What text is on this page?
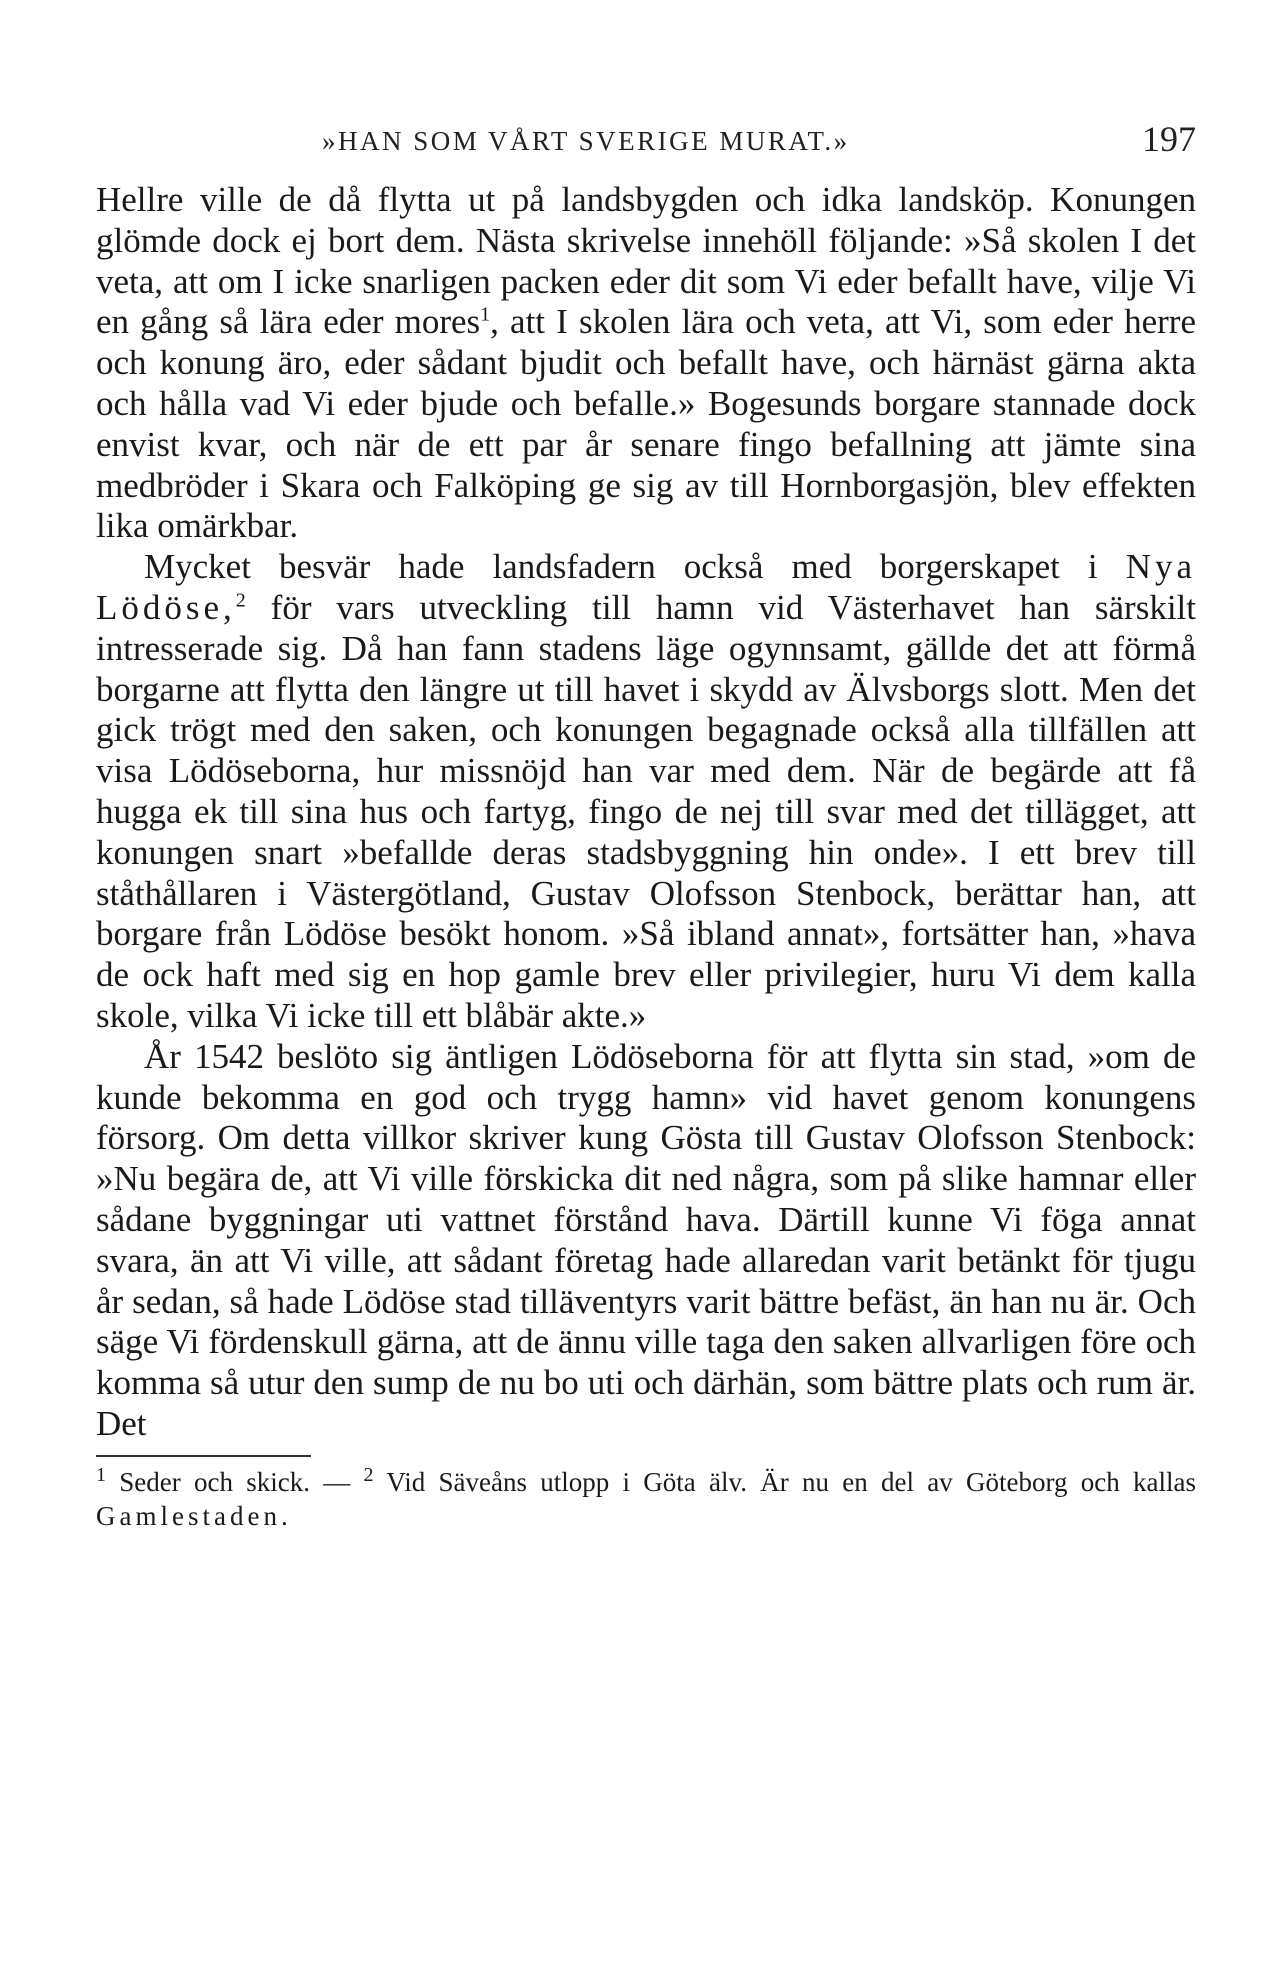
»HAN SOM VÅRT SVERIGE MURAT.»	197

Hellre ville de då flytta ut på landsbygden och idka landsköp. Konungen glömde dock ej bort dem. Nästa skrivelse innehöll följande: »Så skolen I det veta, att om I icke snarligen packen eder dit som Vi eder befallt have, vilje Vi en gång så lära eder mores$^1$, att I skolen lära och veta, att Vi, som eder herre och konung äro, eder sådant bjudit och befallt have, och härnäst gärna akta och hålla vad Vi eder bjude och befalle.» Bogesunds borgare stannade dock envist kvar, och när de ett par år senare fingo befallning att jämte sina medbröder i Skara och Falköping ge sig av till Hornborgasjön, blev effekten lika omärkbar.

Mycket besvär hade landsfadern också med borgerskapet i Nya Lödöse,$^2$ för vars utveckling till hamn vid Västerhavet han särskilt intresserade sig. Då han fann stadens läge ogynnsamt, gällde det att förmå borgarne att flytta den längre ut till havet i skydd av Älvsborgs slott. Men det gick trögt med den saken, och konungen begagnade också alla tillfällen att visa Lödöseborna, hur missnöjd han var med dem. När de begärde att få hugga ek till sina hus och fartyg, fingo de nej till svar med det tillägget, att konungen snart »befallde deras stadsbyggning hin onde». I ett brev till ståthållaren i Västergötland, Gustav Olofsson Stenbock, berättar han, att borgare från Lödöse besökt honom. »Så ibland annat», fortsätter han, »hava de ock haft med sig en hop gamle brev eller privilegier, huru Vi dem kalla skole, vilka Vi icke till ett blåbär akte.»

År 1542 beslöto sig äntligen Lödöseborna för att flytta sin stad, »om de kunde bekomma en god och trygg hamn» vid havet genom konungens försorg. Om detta villkor skriver kung Gösta till Gustav Olofsson Stenbock: »Nu begära de, att Vi ville förskicka dit ned några, som på slike hamnar eller sådane byggningar uti vattnet förstånd hava. Därtill kunne Vi föga annat svara, än att Vi ville, att sådant företag hade allaredan varit betänkt för tjugu år sedan, så hade Lödöse stad tilläventyrs varit bättre befäst, än han nu är. Och säge Vi fördenskull gärna, att de ännu ville taga den saken allvarligen före och komma så utur den sump de nu bo uti och därhän, som bättre plats och rum är. Det

$^1$ Seder och skick. — $^2$ Vid Säveåns utlopp i Göta älv. Är nu en del av Göteborg och kallas Gamlestaden.
